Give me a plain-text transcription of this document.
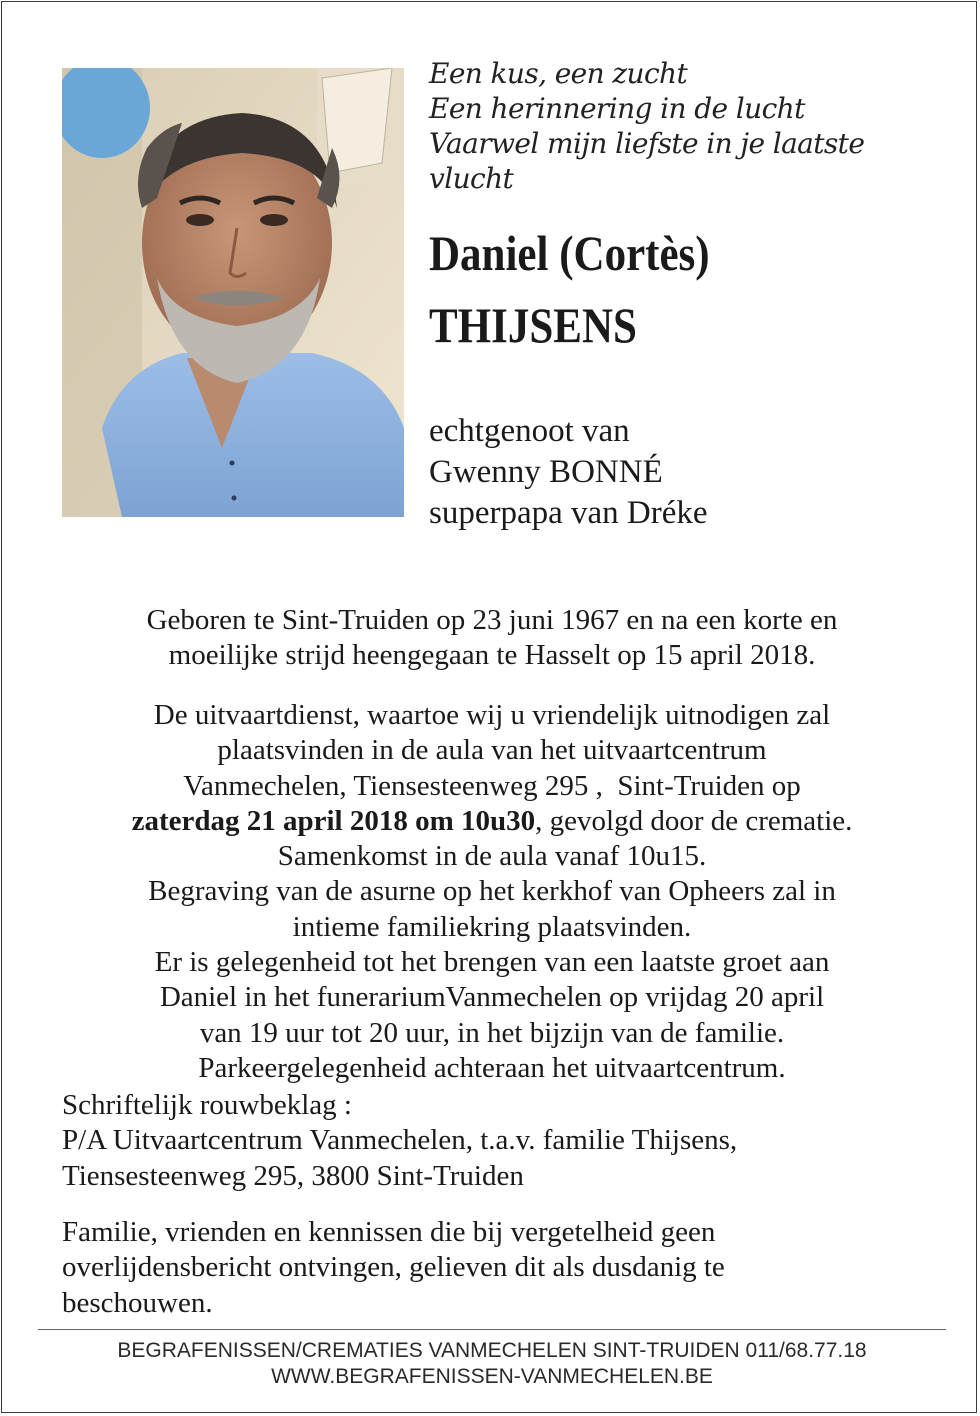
Een kus, een zucht
Een herinnering in de lucht
Vaarwel mijn liefste in je laatste
vlucht
Daniel (Cortès)
THIJSENS
echtgenoot van
Gwenny BONNÉ
superpapa van Dréke
Geboren te Sint-Truiden op 23 juni 1967 en na een korte en
moeilijke strijd heengegaan te Hasselt op 15 april 2018.
De uitvaartdienst, waartoe wij u vriendelijk uitnodigen zal
plaatsvinden in de aula van het uitvaartcentrum
Vanmechelen, Tiensesteenweg 295 ,  Sint-Truiden op
zaterdag 21 april 2018 om 10u30, gevolgd door de crematie.
Samenkomst in de aula vanaf 10u15.
Begraving van de asurne op het kerkhof van Opheers zal in
intieme familiekring plaatsvinden.
Er is gelegenheid tot het brengen van een laatste groet aan
Daniel in het funerariumVanmechelen op vrijdag 20 april
van 19 uur tot 20 uur, in het bijzijn van de familie.
Parkeergelegenheid achteraan het uitvaartcentrum.
Schriftelijk rouwbeklag :
P/A Uitvaartcentrum Vanmechelen, t.a.v. familie Thijsens,
Tiensesteenweg 295, 3800 Sint-Truiden
Familie, vrienden en kennissen die bij vergetelheid geen
overlijdensbericht ontvingen, gelieven dit als dusdanig te
beschouwen.
BEGRAFENISSEN/CREMATIES VANMECHELEN SINT-TRUIDEN 011/68.77.18
WWW.BEGRAFENISSEN-VANMECHELEN.BE
